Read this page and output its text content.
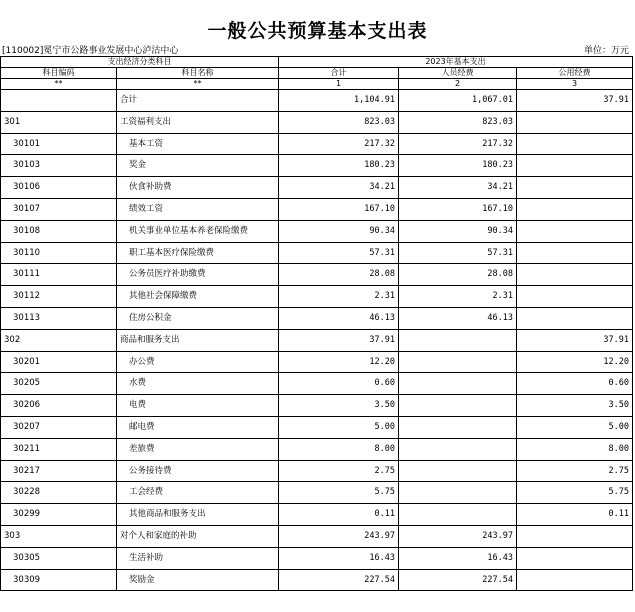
一般公共预算基本支出表
[110002]冕宁市公路事业发展中心泸沽中心	单位：万元
支出经济分类科目		2023年基本支出		
科目编码	科目名称	合计	人员经费	公用经费
**	**	1	2	3
	合计	1,104.91	1,067.01	37.91
301	工资福利支出	823.03	823.03	
30101	基本工资	217.32	217.32	
30103	奖金	180.23	180.23	
30106	伙食补助费	34.21	34.21	
30107	绩效工资	167.10	167.10	
30108	机关事业单位基本养老保险缴费	90.34	90.34	
30110	职工基本医疗保险缴费	57.31	57.31	
30111	公务员医疗补助缴费	28.08	28.08	
30112	其他社会保障缴费	2.31	2.31	
30113	住房公积金	46.13	46.13	
302	商品和服务支出	37.91		37.91
30201	办公费	12.20		12.20
30205	水费	0.60		0.60
30206	电费	3.50		3.50
30207	邮电费	5.00		5.00
30211	差旅费	8.00		8.00
30217	公务接待费	2.75		2.75
30228	工会经费	5.75		5.75
30299	其他商品和服务支出	0.11		0.11
303	对个人和家庭的补助	243.97	243.97	
30305	生活补助	16.43	16.43	
30309	奖励金	227.54	227.54	
